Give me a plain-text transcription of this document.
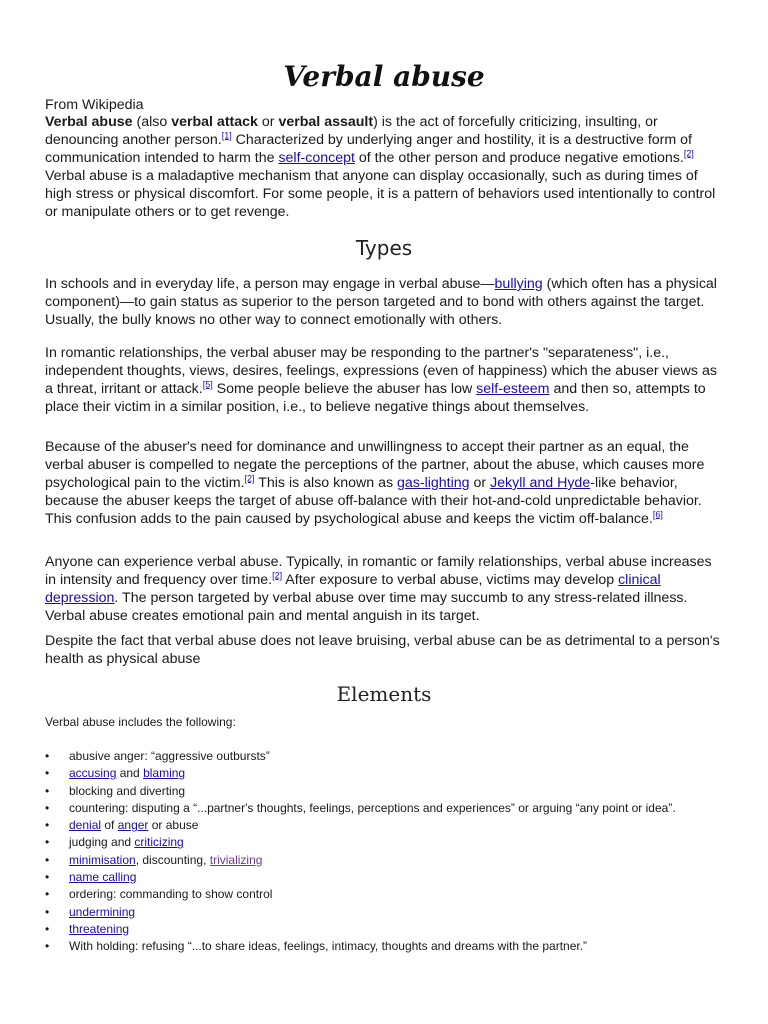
Verbal abuse

From Wikipedia

Verbal abuse (also verbal attack or verbal assault) is the act of forcefully criticizing, insulting, or denouncing another person.[1] Characterized by underlying anger and hostility, it is a destructive form of communication intended to harm the self-concept of the other person and produce negative emotions.[2] Verbal abuse is a maladaptive mechanism that anyone can display occasionally, such as during times of high stress or physical discomfort. For some people, it is a pattern of behaviors used intentionally to control or manipulate others or to get revenge.

Types

In schools and in everyday life, a person may engage in verbal abuse—bullying (which often has a physical component)—to gain status as superior to the person targeted and to bond with others against the target. Usually, the bully knows no other way to connect emotionally with others.

In romantic relationships, the verbal abuser may be responding to the partner's "separateness", i.e., independent thoughts, views, desires, feelings, expressions (even of happiness) which the abuser views as a threat, irritant or attack.[5] Some people believe the abuser has low self-esteem and then so, attempts to place their victim in a similar position, i.e., to believe negative things about themselves.

Because of the abuser's need for dominance and unwillingness to accept their partner as an equal, the verbal abuser is compelled to negate the perceptions of the partner, about the abuse, which causes more psychological pain to the victim.[2] This is also known as gas-lighting or Jekyll and Hyde-like behavior, because the abuser keeps the target of abuse off-balance with their hot-and-cold unpredictable behavior. This confusion adds to the pain caused by psychological abuse and keeps the victim off-balance.[6]

Anyone can experience verbal abuse. Typically, in romantic or family relationships, verbal abuse increases in intensity and frequency over time.[2] After exposure to verbal abuse, victims may develop clinical depression. The person targeted by verbal abuse over time may succumb to any stress-related illness. Verbal abuse creates emotional pain and mental anguish in its target.

Despite the fact that verbal abuse does not leave bruising, verbal abuse can be as detrimental to a person's health as physical abuse

Elements

Verbal abuse includes the following:

•	abusive anger: “aggressive outbursts”
•	accusing and blaming
•	blocking and diverting
•	countering: disputing a “...partner's thoughts, feelings, perceptions and experiences” or arguing “any point or idea”.
•	denial of anger or abuse
•	judging and criticizing
•	minimisation, discounting, trivializing
•	name calling
•	ordering: commanding to show control
•	undermining
•	threatening
•	With holding: refusing “...to share ideas, feelings, intimacy, thoughts and dreams with the partner.”
